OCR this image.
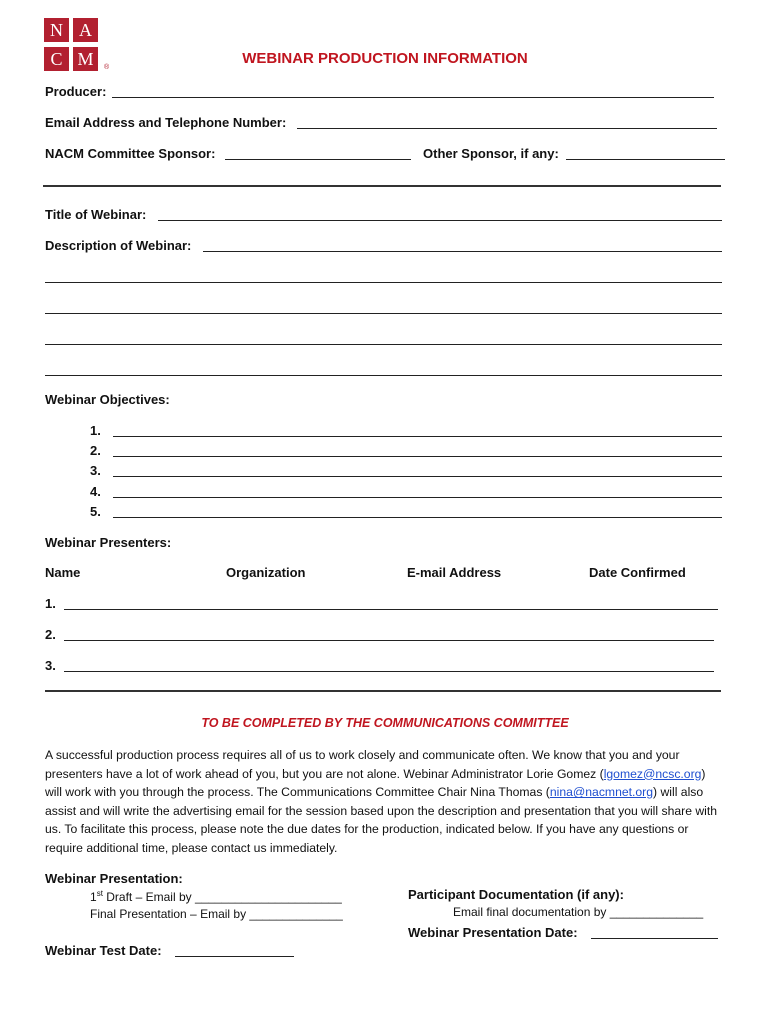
N A
C M	®
WEBINAR PRODUCTION INFORMATION
Producer:
Email Address and Telephone Number:
NACM Committee Sponsor:	Other Sponsor, if any:
Title of Webinar:
Description of Webinar:
Webinar Objectives:
1.
2.
3.
4.
5.
Webinar Presenters:
Name	Organization	E-mail Address	Date Confirmed
1.
2.
3.
TO BE COMPLETED BY THE COMMUNICATIONS COMMITTEE
A successful production process requires all of us to work closely and communicate often. We know that you and your presenters have a lot of work ahead of you, but you are not alone. Webinar Administrator Lorie Gomez (lgomez@ncsc.org) will work with you through the process. The Communications Committee Chair Nina Thomas (nina@nacmnet.org) will also assist and will write the advertising email for the session based upon the description and presentation that you will share with us. To facilitate this process, please note the due dates for the production, indicated below. If you have any questions or require additional time, please contact us immediately.
Webinar Presentation:
1st Draft – Email by ______________________
Final Presentation – Email by ______________
Participant Documentation (if any):
Email final documentation by ______________
Webinar Presentation Date:
Webinar Test Date:
